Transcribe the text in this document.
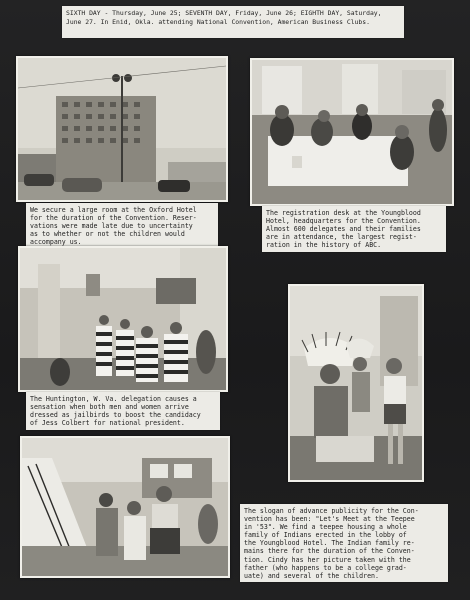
SIXTH DAY - Thursday, June 25; SEVENTH DAY, Friday, June 26; EIGHTH DAY, Saturday,
June 27. In Enid, Okla. attending National Convention, American Business Clubs.
We secure a large room at the Oxford Hotel
for the duration of the Convention. Reser-
vations were made late due to uncertainty
as to whether or not the children would
accompany us.
The registration desk at the Youngblood
Hotel, headquarters for the Convention.
Almost 600 delegates and their families
are in attendance, the largest regist-
ration in the history of ABC.
The Huntington, W. Va. delegation causes a
sensation when both men and women arrive
dressed as jailbirds to boost the candidacy
of Jess Colbert for national president.
The slogan of advance publicity for the Con-
vention has been: "Let's Meet at the Teepee
in '53". We find a teepee housing a whole
family of Indians erected in the lobby of
the Youngblood Hotel. The Indian family re-
mains there for the duration of the Conven-
tion. Cindy has her picture taken with the
father (who happens to be a college grad-
uate) and several of the children.
